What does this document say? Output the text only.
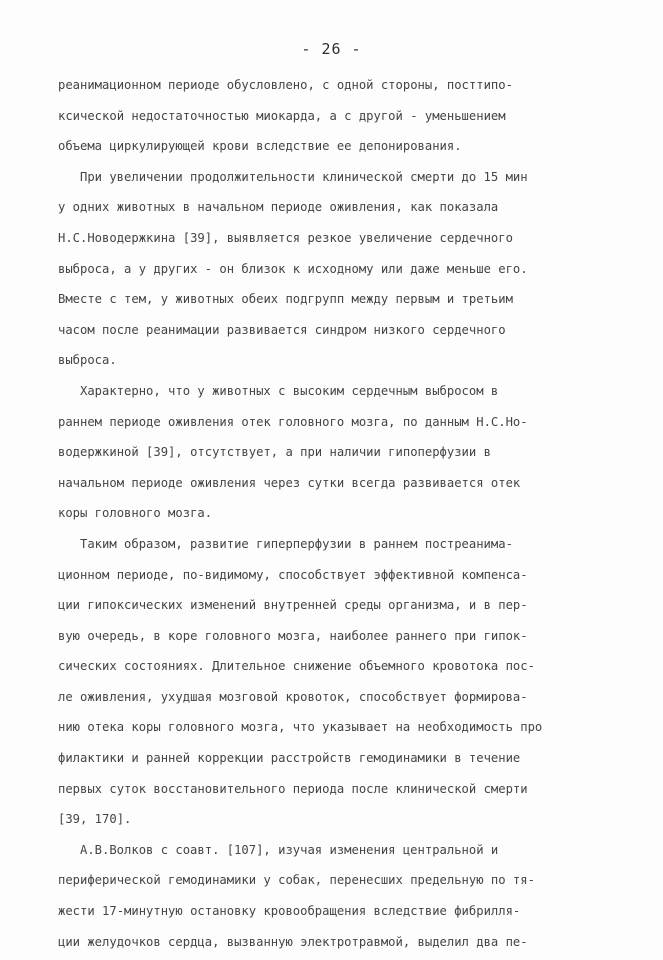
- 26 -
реанимационном периоде обусловлено, с одной стороны, посттипо-
ксической недостаточностью миокарда, а с другой - уменьшением
объема циркулирующей крови вследствие ее депонирования.
При увеличении продолжительности клинической смерти до 15 мин
у одних животных в начальном периоде оживления, как показала
Н.С.Новодержкина [39], выявляется резкое увеличение сердечного
выброса, а у других - он близок к исходному или даже меньше его.
Вместе с тем, у животных обеих подгрупп между первым и третьим
часом после реанимации развивается синдром низкого сердечного
выброса.
Характерно, что у животных с высоким сердечным выбросом в
раннем периоде оживления отек головного мозга, по данным Н.С.Но-
водержкиной [39], отсутствует, а при наличии гипоперфузии в
начальном периоде оживления через сутки всегда развивается отек
коры головного мозга.
Таким образом, развитие гиперперфузии в раннем постреанима-
ционном периоде, по-видимому, способствует эффективной компенса-
ции гипоксических изменений внутренней среды организма, и в пер-
вую очередь, в коре головного мозга, наиболее раннего при гипок-
сических состояниях. Длительное снижение объемного кровотока пос-
ле оживления, ухудшая мозговой кровоток, способствует формирова-
нию отека коры головного мозга, что указывает на необходимость про
филактики и ранней коррекции расстройств гемодинамики в течение
первых суток восстановительного периода после клинической смерти
[39, 170].
А.В.Волков с соавт. [107], изучая изменения центральной и
периферической гемодинамики у собак, перенесших предельную по тя-
жести 17-минутную остановку кровообращения вследствие фибрилля-
ции желудочков сердца, вызванную электротравмой, выделил два пе-
